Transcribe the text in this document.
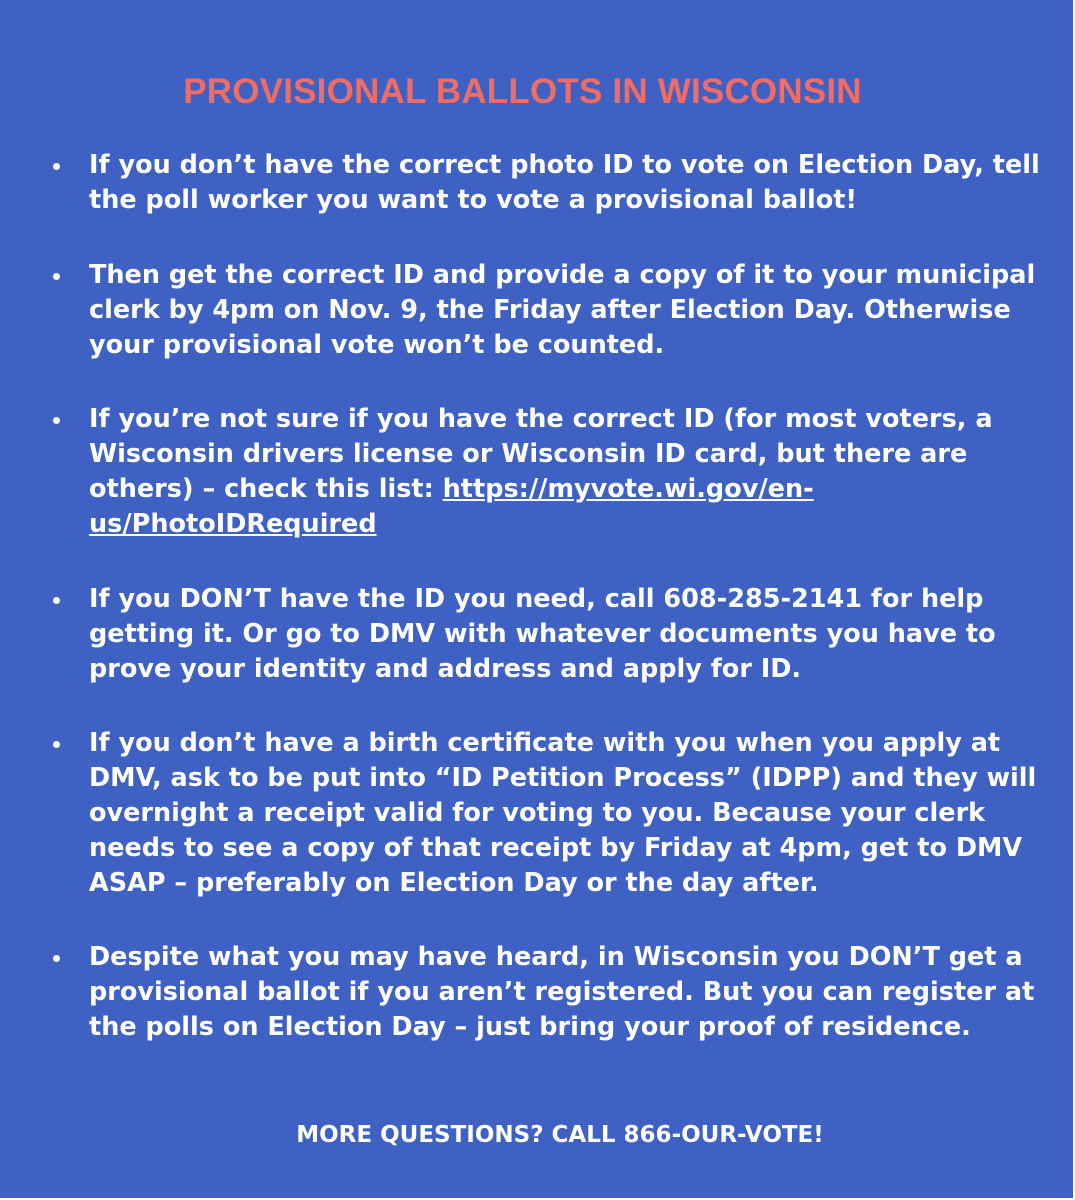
PROVISIONAL BALLOTS IN WISCONSIN
If you don’t have the correct photo ID to vote on Election Day, tell the poll worker you want to vote a provisional ballot!
Then get the correct ID and provide a copy of it to your municipal clerk by 4pm on Nov. 9, the Friday after Election Day. Otherwise your provisional vote won’t be counted.
If you’re not sure if you have the correct ID (for most voters, a Wisconsin drivers license or Wisconsin ID card, but there are others) – check this list: https://myvote.wi.gov/en-us/PhotoIDRequired
If you DON’T have the ID you need, call 608-285-2141 for help getting it. Or go to DMV with whatever documents you have to prove your identity and address and apply for ID.
If you don’t have a birth certificate with you when you apply at DMV, ask to be put into “ID Petition Process” (IDPP) and they will overnight a receipt valid for voting to you. Because your clerk needs to see a copy of that receipt by Friday at 4pm, get to DMV ASAP – preferably on Election Day or the day after.
Despite what you may have heard, in Wisconsin you DON’T get a provisional ballot if you aren’t registered. But you can register at the polls on Election Day – just bring your proof of residence.

MORE QUESTIONS? CALL 866-OUR-VOTE!
